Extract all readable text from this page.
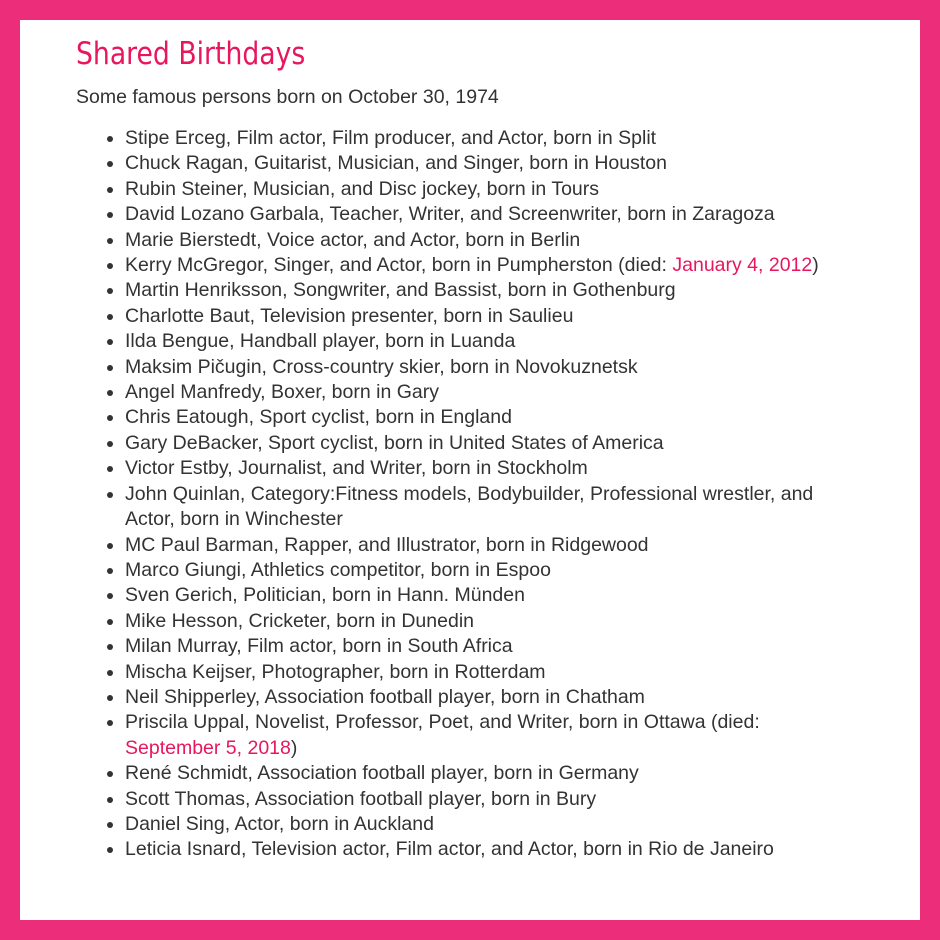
Shared Birthdays

Some famous persons born on October 30, 1974

Stipe Erceg, Film actor, Film producer, and Actor, born in Split
Chuck Ragan, Guitarist, Musician, and Singer, born in Houston
Rubin Steiner, Musician, and Disc jockey, born in Tours
David Lozano Garbala, Teacher, Writer, and Screenwriter, born in Zaragoza
Marie Bierstedt, Voice actor, and Actor, born in Berlin
Kerry McGregor, Singer, and Actor, born in Pumpherston (died: January 4, 2012)
Martin Henriksson, Songwriter, and Bassist, born in Gothenburg
Charlotte Baut, Television presenter, born in Saulieu
Ilda Bengue, Handball player, born in Luanda
Maksim Pičugin, Cross-country skier, born in Novokuznetsk
Angel Manfredy, Boxer, born in Gary
Chris Eatough, Sport cyclist, born in England
Gary DeBacker, Sport cyclist, born in United States of America
Victor Estby, Journalist, and Writer, born in Stockholm
John Quinlan, Category:Fitness models, Bodybuilder, Professional wrestler, and Actor, born in Winchester
MC Paul Barman, Rapper, and Illustrator, born in Ridgewood
Marco Giungi, Athletics competitor, born in Espoo
Sven Gerich, Politician, born in Hann. Münden
Mike Hesson, Cricketer, born in Dunedin
Milan Murray, Film actor, born in South Africa
Mischa Keijser, Photographer, born in Rotterdam
Neil Shipperley, Association football player, born in Chatham
Priscila Uppal, Novelist, Professor, Poet, and Writer, born in Ottawa (died: September 5, 2018)
René Schmidt, Association football player, born in Germany
Scott Thomas, Association football player, born in Bury
Daniel Sing, Actor, born in Auckland
Leticia Isnard, Television actor, Film actor, and Actor, born in Rio de Janeiro
